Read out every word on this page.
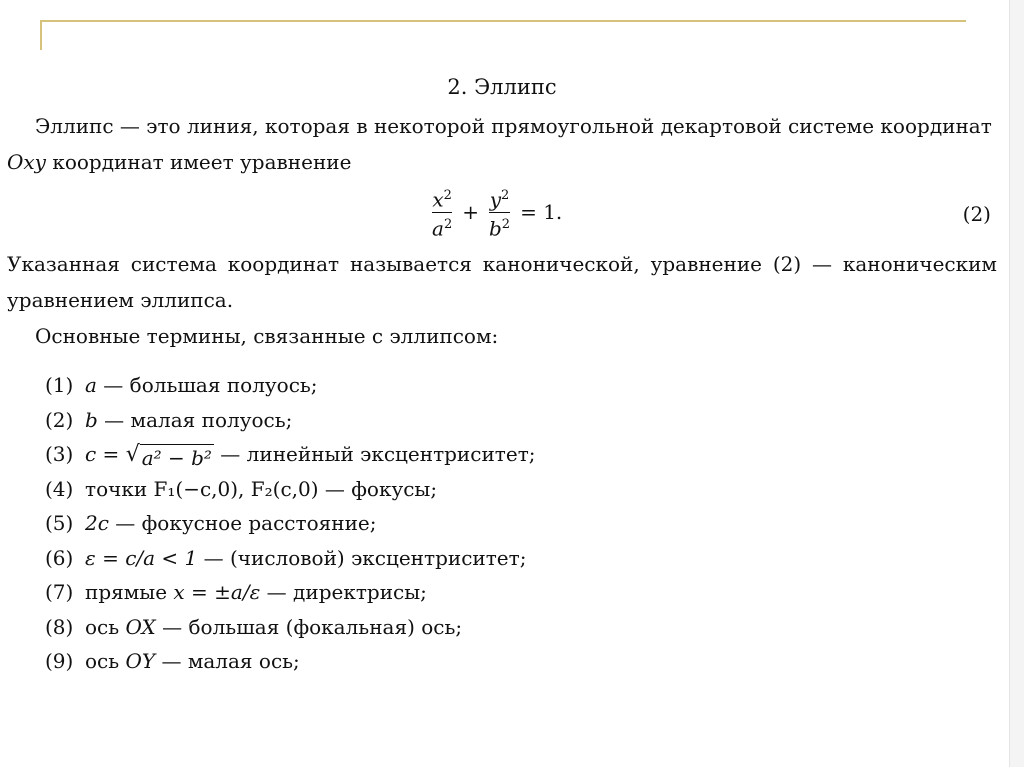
2. Эллипс

Эллипс — это линия, которая в некоторой прямоугольной декартовой системе координат

Oxy координат имеет уравнение

$\frac{x^2}{a^2} + \frac{y^2}{b^2} = 1$.	(2)

Указанная система координат называется канонической, уравнение (2) — каноническим уравнением эллипса.

Основные термины, связанные с эллипсом:

(1) a — большая полуось;
(2) b — малая полуось;
(3) c = √ a² − b² — линейный эксцентриситет;
(4) точки F₁(−c,0), F₂(c,0) — фокусы;
(5) 2c — фокусное расстояние;
(6) ε = c/a < 1 — (числовой) эксцентриситет;
(7) прямые x = ±a/ε — директрисы;
(8) ось OX — большая (фокальная) ось;
(9) ось OY — малая ось;
